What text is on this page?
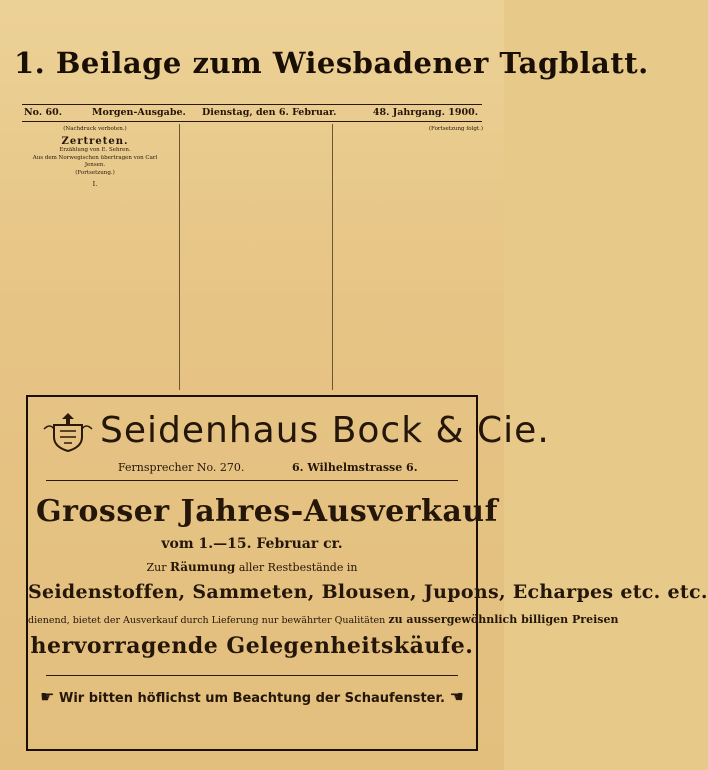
1. Beilage zum Wiesbadener Tagblatt.
No. 60.	Morgen-Ausgabe. Dienstag, den 6. Februar.	48. Jahrgang. 1900.
(Nachdruck verboten.)
Zertreten.
Erzählung von E. Sehren.
Aus dem Norwegischen übertragen von Carl Jensen.
(Fortsetzung.)
I.
(Fortsetzung folgt.)
Seidenhaus Bock & Cie.
Fernsprecher No. 270.	6. Wilhelmstrasse 6.
Grosser Jahres-Ausverkauf
vom 1.—15. Februar cr.
Zur Räumung aller Restbestände in
Seidenstoffen, Sammeten, Blousen, Jupons, Echarpes etc. etc.
dienend, bietet der Ausverkauf durch Lieferung nur bewährter Qualitäten zu aussergewöhnlich billigen Preisen
hervorragende Gelegenheitskäufe.
☛ Wir bitten höflichst um Beachtung der Schaufenster. ☚
